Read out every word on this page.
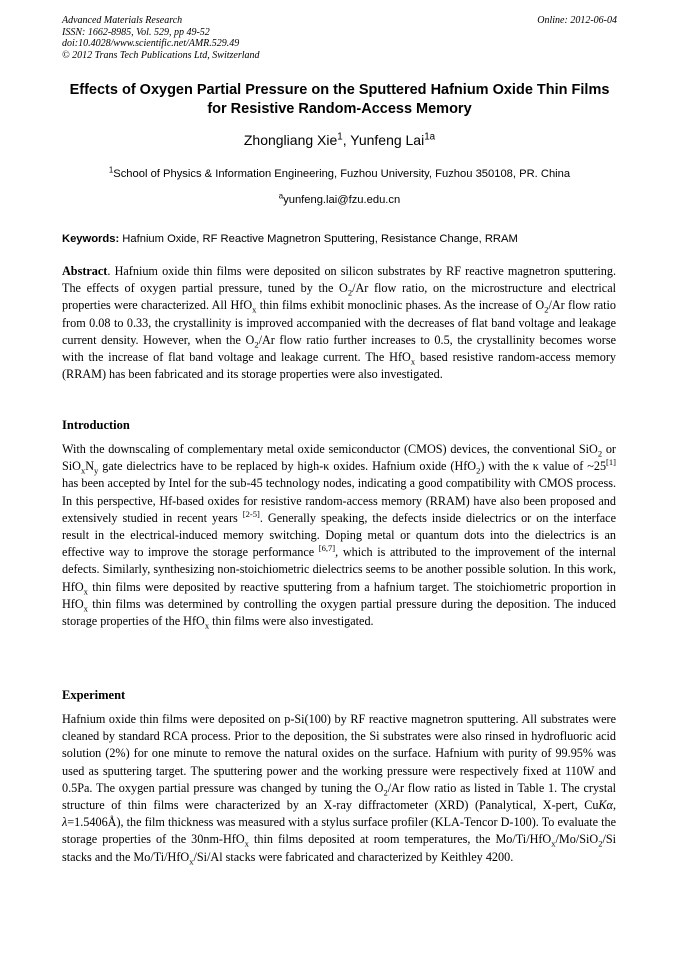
Advanced Materials Research
ISSN: 1662-8985, Vol. 529, pp 49-52
doi:10.4028/www.scientific.net/AMR.529.49
© 2012 Trans Tech Publications Ltd, Switzerland
Online: 2012-06-04
Effects of Oxygen Partial Pressure on the Sputtered Hafnium Oxide Thin Films for Resistive Random-Access Memory
Zhongliang Xie$^1$, Yunfeng Lai$^{1a}$
$^1$School of Physics & Information Engineering, Fuzhou University, Fuzhou 350108, PR. China
$^a$yunfeng.lai@fzu.edu.cn
Keywords: Hafnium Oxide, RF Reactive Magnetron Sputtering, Resistance Change, RRAM
Abstract. Hafnium oxide thin films were deposited on silicon substrates by RF reactive magnetron sputtering. The effects of oxygen partial pressure, tuned by the $O_2/Ar$ flow ratio, on the microstructure and electrical properties were characterized. All HfO$_x$ thin films exhibit monoclinic phases. As the increase of $O_2/Ar$ flow ratio from 0.08 to 0.33, the crystallinity is improved accompanied with the decreases of flat band voltage and leakage current density. However, when the $O_2/Ar$ flow ratio further increases to 0.5, the crystallinity becomes worse with the increase of flat band voltage and leakage current. The HfO$_x$ based resistive random-access memory (RRAM) has been fabricated and its storage properties were also investigated.
Introduction
With the downscaling of complementary metal oxide semiconductor (CMOS) devices, the conventional SiO$_2$ or $SiO_xN_y$ gate dielectrics have to be replaced by high-κ oxides. Hafnium oxide (HfO$_2$) with the κ value of ~25[1] has been accepted by Intel for the sub-45 technology nodes, indicating a good compatibility with CMOS process. In this perspective, Hf-based oxides for resistive random-access memory (RRAM) have also been proposed and extensively studied in recent years [2-5]. Generally speaking, the defects inside dielectrics or on the interface result in the electrical-induced memory switching. Doping metal or quantum dots into the dielectrics is an effective way to improve the storage performance [6,7], which is attributed to the improvement of the internal defects. Similarly, synthesizing non-stoichiometric dielectrics seems to be another possible solution. In this work, HfO$_x$ thin films were deposited by reactive sputtering from a hafnium target. The stoichiometric proportion in HfO$_x$ thin films was determined by controlling the oxygen partial pressure during the deposition. The induced storage properties of the HfO$_x$ thin films were also investigated.
Experiment
Hafnium oxide thin films were deposited on p-Si(100) by RF reactive magnetron sputtering. All substrates were cleaned by standard RCA process. Prior to the deposition, the Si substrates were also rinsed in hydrofluoric acid solution (2%) for one minute to remove the natural oxides on the surface. Hafnium with purity of 99.95% was used as sputtering target. The sputtering power and the working pressure were respectively fixed at 110W and 0.5Pa. The oxygen partial pressure was changed by tuning the $O_2/Ar$ flow ratio as listed in Table 1. The crystal structure of thin films were characterized by an X-ray diffractometer (XRD) (Panalytical, X-pert, CuKα, λ=1.5406Å), the film thickness was measured with a stylus surface profiler (KLA-Tencor D-100). To evaluate the storage properties of the 30nm-HfO$_x$ thin films deposited at room temperatures, the Mo/Ti/HfO$_x$/Mo/SiO$_2$/Si stacks and the Mo/Ti/HfO$_x$/Si/Al stacks were fabricated and characterized by Keithley 4200.
